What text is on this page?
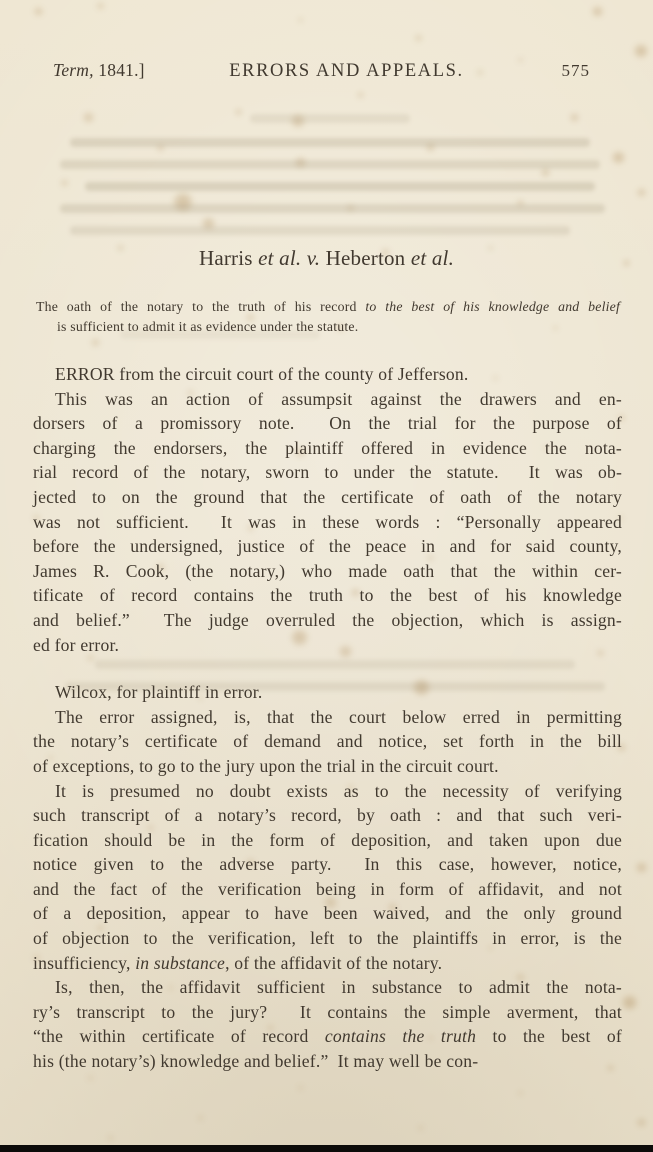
Term, 1841.]	ERRORS AND APPEALS.	575
Harris et al. v. Heberton et al.
The oath of the notary to the truth of his record to the best of his knowledge and belief
is sufficient to admit it as evidence under the statute.
ERROR from the circuit court of the county of Jefferson.
This was an action of assumpsit against the drawers and en-
dorsers of a promissory note.  On the trial for the purpose of
charging the endorsers, the plaintiff offered in evidence the nota-
rial record of the notary, sworn to under the statute.  It was ob-
jected to on the ground that the certificate of oath of the notary
was not sufficient.  It was in these words : “Personally appeared
before the undersigned, justice of the peace in and for said county,
James R. Cook, (the notary,) who made oath that the within cer-
tificate of record contains the truth to the best of his knowledge
and belief.”  The judge overruled the objection, which is assign-
ed for error.
Wilcox, for plaintiff in error.
The error assigned, is, that the court below erred in permitting
the notary’s certificate of demand and notice, set forth in the bill
of exceptions, to go to the jury upon the trial in the circuit court.
It is presumed no doubt exists as to the necessity of verifying
such transcript of a notary’s record, by oath : and that such veri-
fication should be in the form of deposition, and taken upon due
notice given to the adverse party.  In this case, however, notice,
and the fact of the verification being in form of affidavit, and not
of a deposition, appear to have been waived, and the only ground
of objection to the verification, left to the plaintiffs in error, is the
insufficiency, in substance, of the affidavit of the notary.
Is, then, the affidavit sufficient in substance to admit the nota-
ry’s transcript to the jury?  It contains the simple averment, that
“the within certificate of record contains the truth to the best of
his (the notary’s) knowledge and belief.”  It may well be con-
